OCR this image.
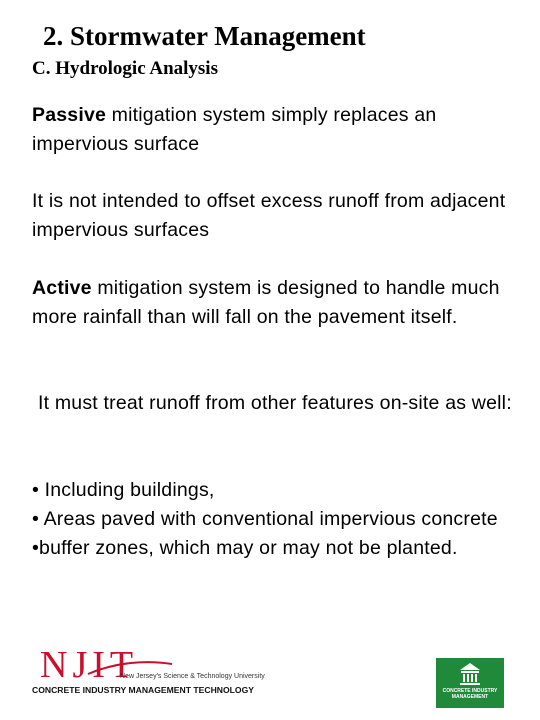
2. Stormwater Management
C. Hydrologic Analysis
Passive mitigation system simply replaces an impervious surface
It is not intended to offset excess runoff from adjacent impervious surfaces
Active mitigation system is designed to handle much more rainfall than will fall on the pavement itself.
It must treat runoff from other features on-site as well:
• Including buildings,
• Areas paved with conventional impervious concrete
•buffer zones, which may or may not be planted.
NJIT
New Jersey's Science & Technology University
CONCRETE INDUSTRY MANAGEMENT TECHNOLOGY	CONCRETE INDUSTRY
MANAGEMENT
